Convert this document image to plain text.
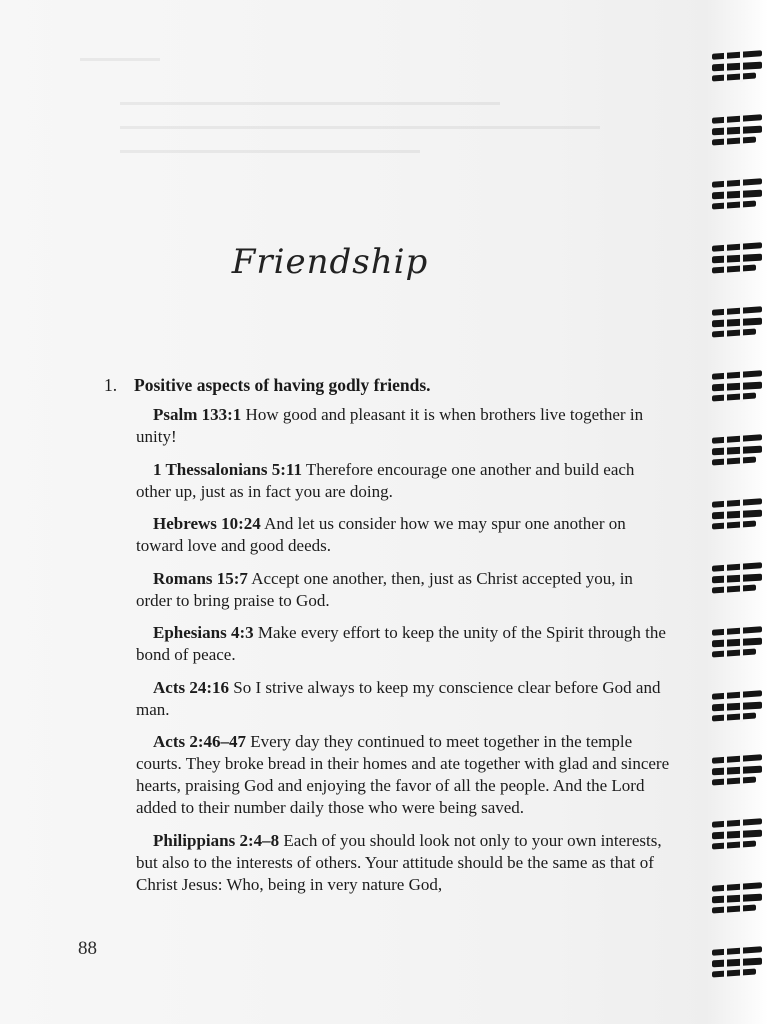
Friendship
1. Positive aspects of having godly friends.

Psalm 133:1 How good and pleasant it is when brothers live together in unity!

1 Thessalonians 5:11 Therefore encourage one another and build each other up, just as in fact you are doing.

Hebrews 10:24 And let us consider how we may spur one another on toward love and good deeds.

Romans 15:7 Accept one another, then, just as Christ accepted you, in order to bring praise to God.

Ephesians 4:3 Make every effort to keep the unity of the Spirit through the bond of peace.

Acts 24:16 So I strive always to keep my conscience clear before God and man.

Acts 2:46–47 Every day they continued to meet together in the temple courts. They broke bread in their homes and ate together with glad and sincere hearts, praising God and enjoying the favor of all the people. And the Lord added to their number daily those who were being saved.

Philippians 2:4–8 Each of you should look not only to your own interests, but also to the interests of others. Your attitude should be the same as that of Christ Jesus: Who, being in very nature God,

88
